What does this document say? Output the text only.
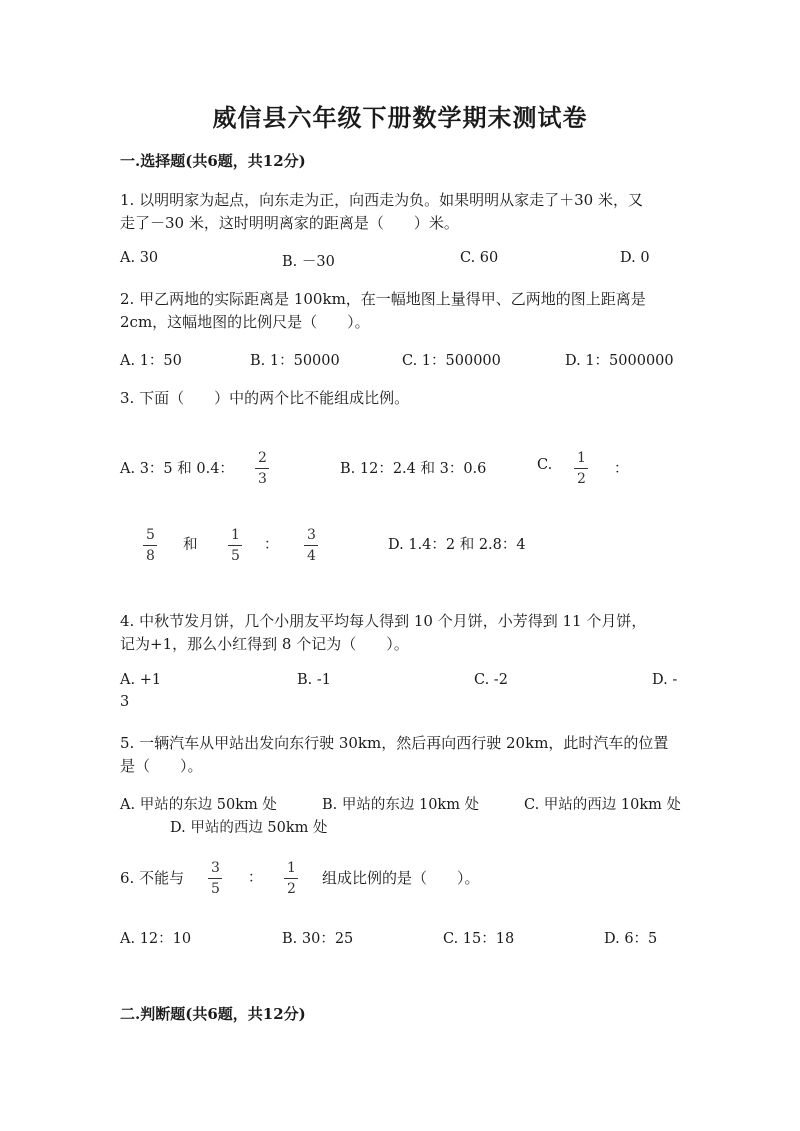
威信县六年级下册数学期末测试卷
一.选择题(共6题，共12分)
1. 以明明家为起点，向东走为正，向西走为负。如果明明从家走了＋30 米，又
走了－30 米，这时明明离家的距离是（　　）米。
A. 30	B. －30	C. 60	D. 0
2. 甲乙两地的实际距离是 100km，在一幅地图上量得甲、乙两地的图上距离是
2cm，这幅地图的比例尺是（　　）。
A. 1：50	B. 1：50000	C. 1：500000	D. 1：5000000
3. 下面（　　）中的两个比不能组成比例。
A. 3：5 和 0.4：
2
3
B. 12：2.4 和 3：0.6	C. 1
2
：
5
8
和
1
5
：
3
4
D. 1.4：2 和 2.8：4
4. 中秋节发月饼，几个小朋友平均每人得到 10 个月饼，小芳得到 11 个月饼，
记为+1，那么小红得到 8 个记为（　　）。
A. +1	B. -1	C. -2	D. -
3
5. 一辆汽车从甲站出发向东行驶 30km，然后再向西行驶 20km，此时汽车的位置
是（　　）。
A. 甲站的东边 50km 处	B. 甲站的东边 10km 处	C. 甲站的西边 10km 处
D. 甲站的西边 50km 处
6. 不能与
3
5
：
1
2
组成比例的是（　　）。
A. 12：10	B. 30：25	C. 15：18	D. 6：5
二.判断题(共6题，共12分)
